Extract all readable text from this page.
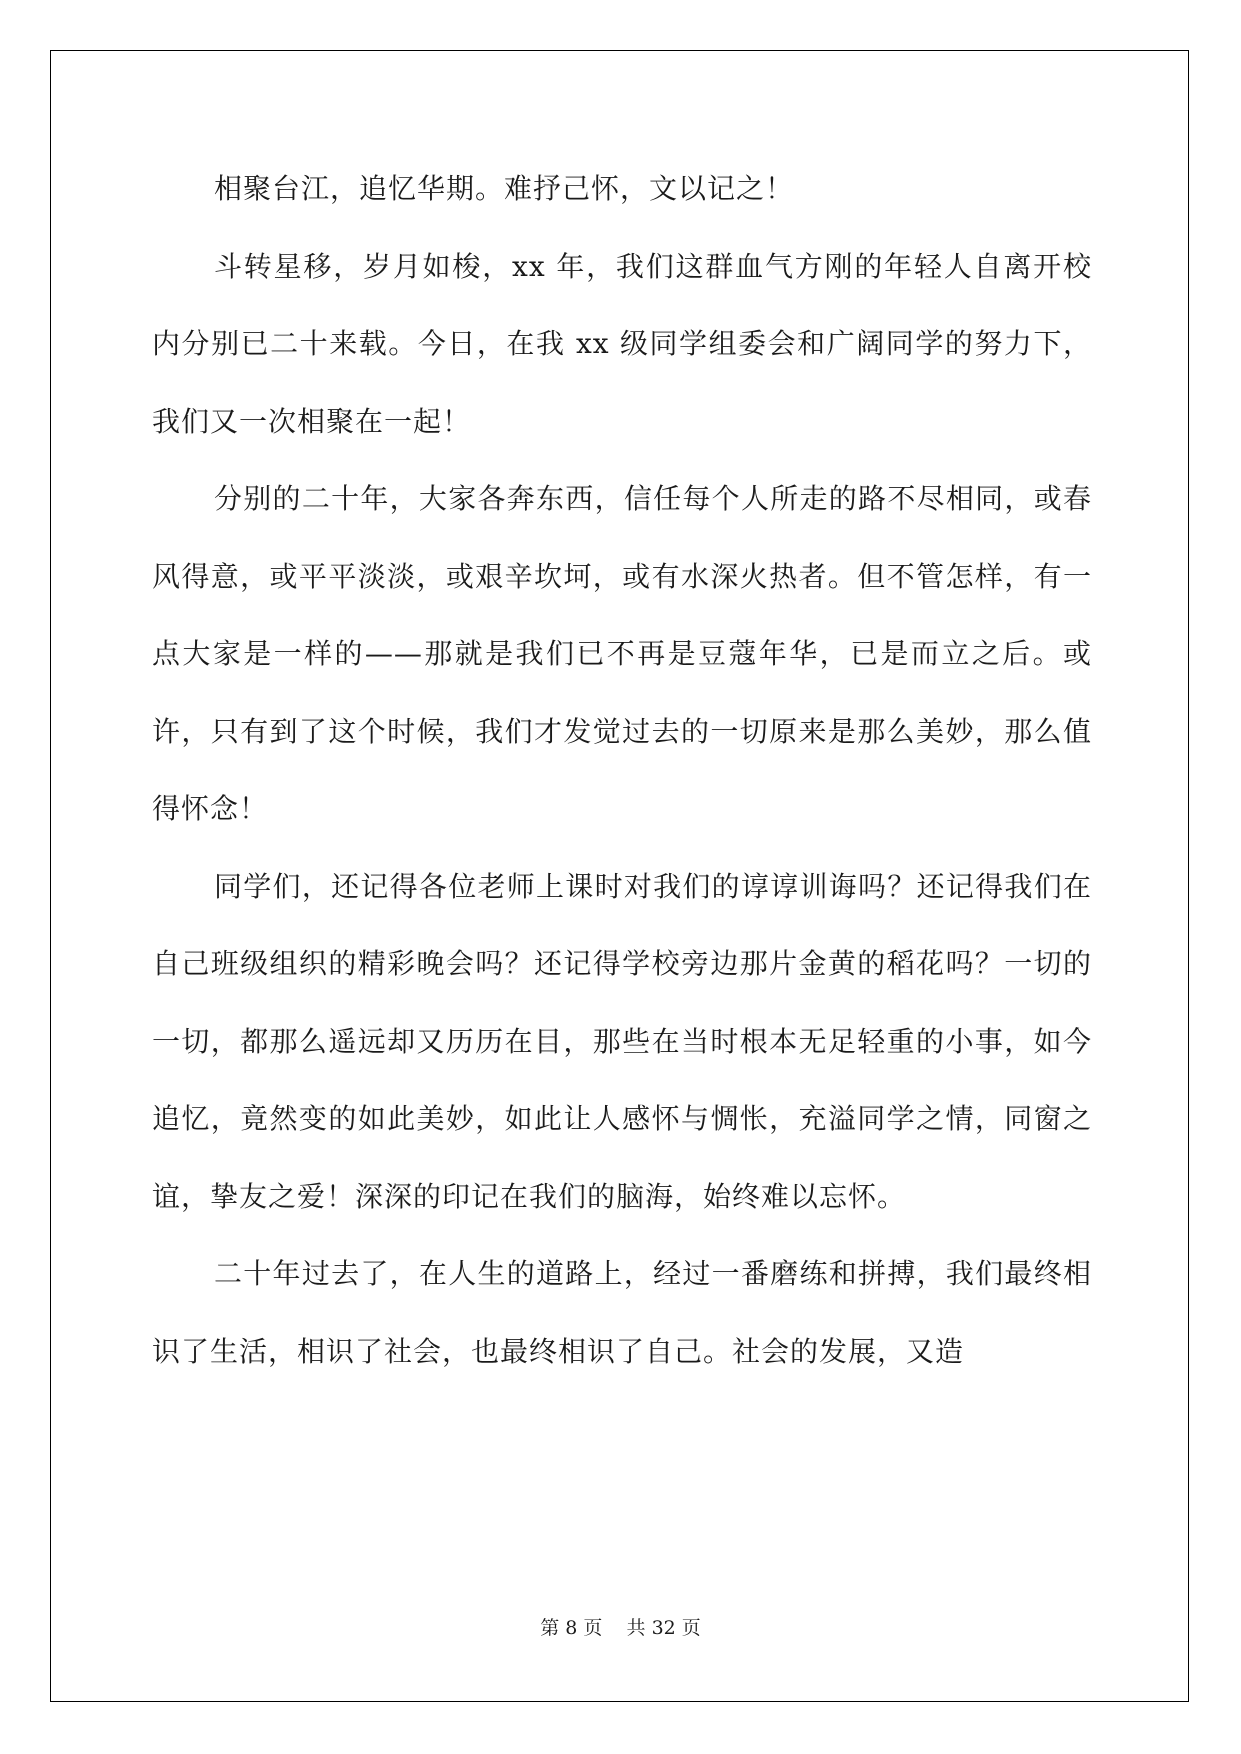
相聚台江，追忆华期。难抒己怀，文以记之！

斗转星移，岁月如梭，xx 年，我们这群血气方刚的年轻人自离开校内分别已二十来载。今日，在我 xx 级同学组委会和广阔同学的努力下，我们又一次相聚在一起！

分别的二十年，大家各奔东西，信任每个人所走的路不尽相同，或春风得意，或平平淡淡，或艰辛坎坷，或有水深火热者。但不管怎样，有一点大家是一样的——那就是我们已不再是豆蔻年华，已是而立之后。或许，只有到了这个时候，我们才发觉过去的一切原来是那么美妙，那么值得怀念！

同学们，还记得各位老师上课时对我们的谆谆训诲吗？还记得我们在自己班级组织的精彩晚会吗？还记得学校旁边那片金黄的稻花吗？一切的一切，都那么遥远却又历历在目，那些在当时根本无足轻重的小事，如今追忆，竟然变的如此美妙，如此让人感怀与惆怅，充溢同学之情，同窗之谊，挚友之爱！深深的印记在我们的脑海，始终难以忘怀。

二十年过去了，在人生的道路上，经过一番磨练和拼搏，我们最终相识了生活，相识了社会，也最终相识了自己。社会的发展，又造

第 8 页    共 32 页
